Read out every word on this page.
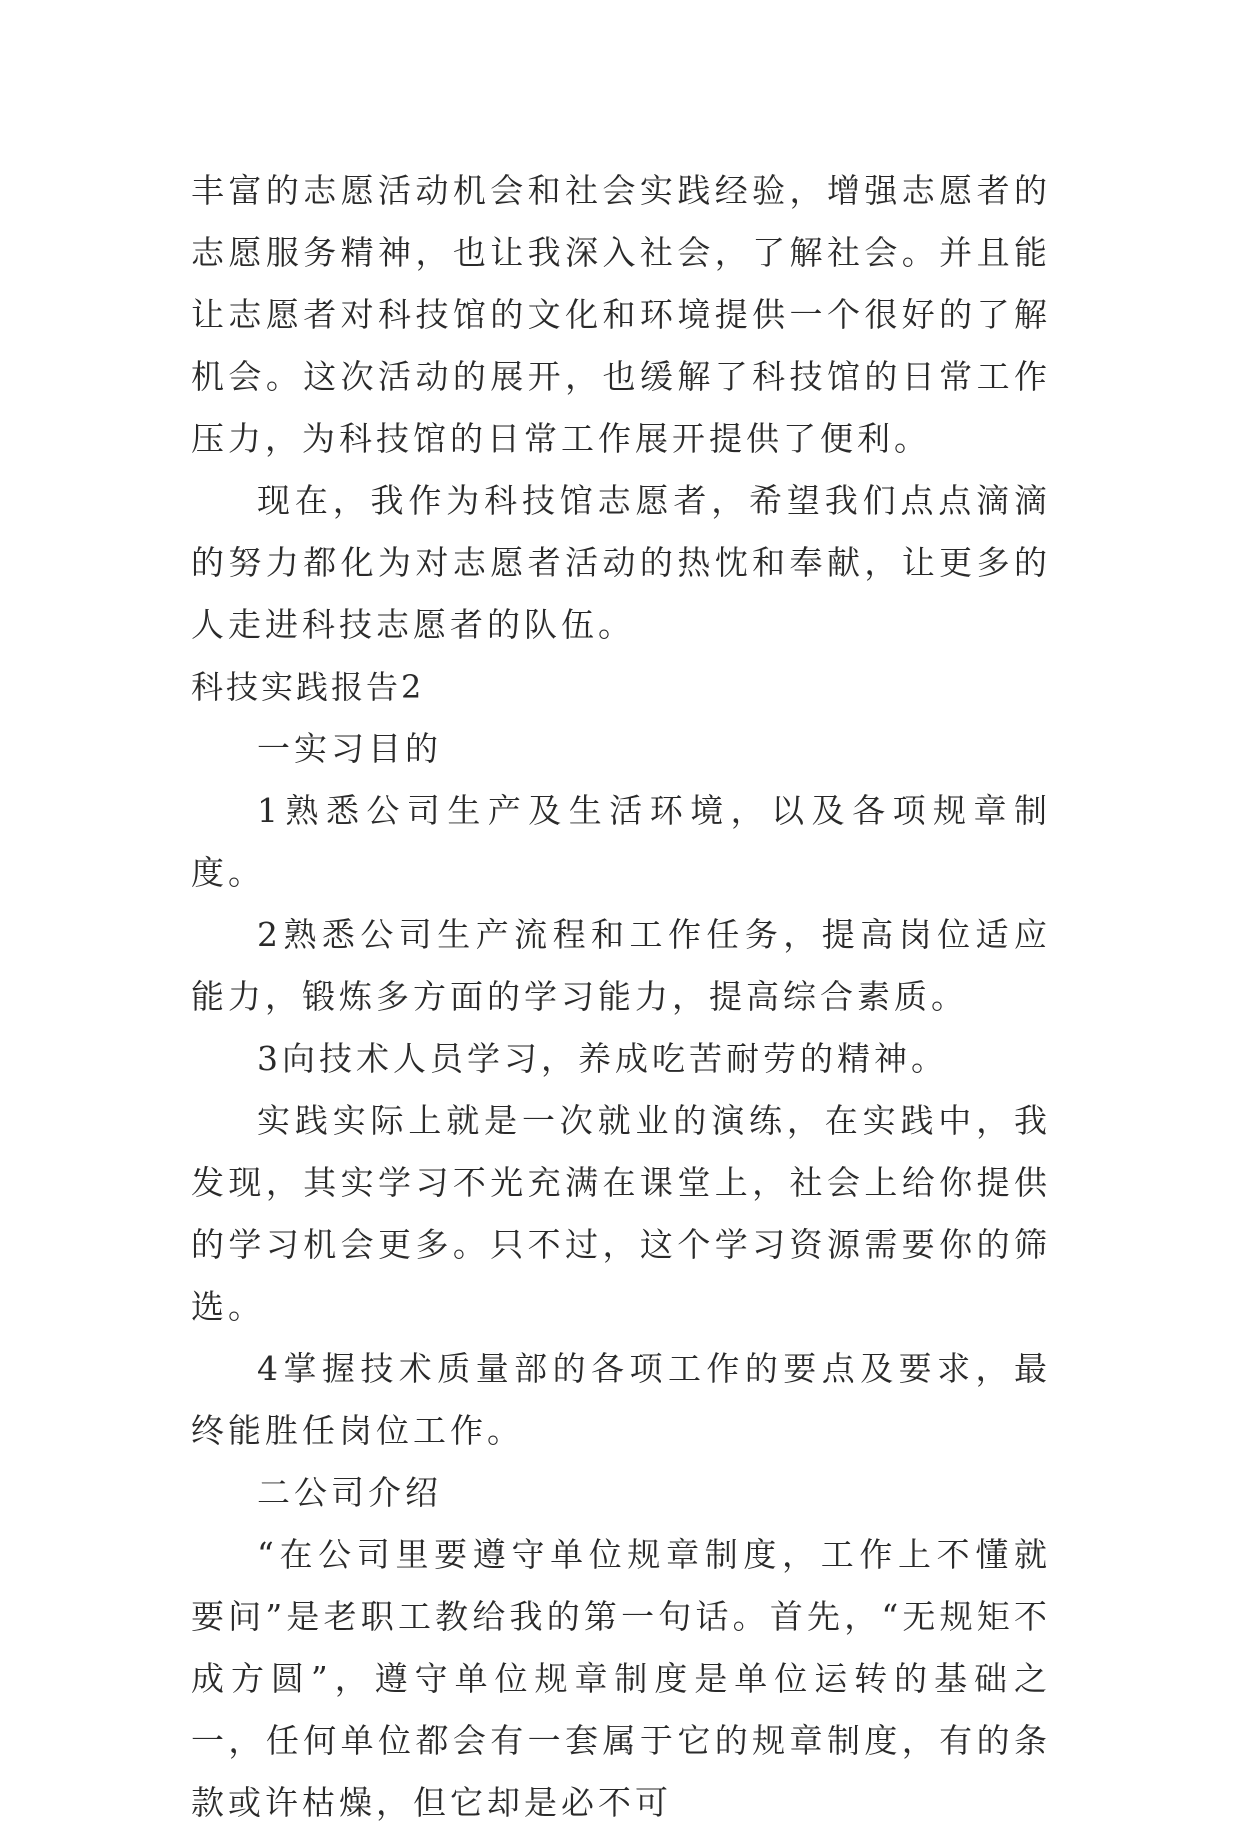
丰富的志愿活动机会和社会实践经验，增强志愿者的志愿服务精神，也让我深入社会，了解社会。并且能让志愿者对科技馆的文化和环境提供一个很好的了解机会。这次活动的展开，也缓解了科技馆的日常工作压力，为科技馆的日常工作展开提供了便利。

现在，我作为科技馆志愿者，希望我们点点滴滴的努力都化为对志愿者活动的热忱和奉献，让更多的人走进科技志愿者的队伍。

科技实践报告2

一实习目的

1熟悉公司生产及生活环境，以及各项规章制度。

2熟悉公司生产流程和工作任务，提高岗位适应能力，锻炼多方面的学习能力，提高综合素质。

3向技术人员学习，养成吃苦耐劳的精神。

实践实际上就是一次就业的演练，在实践中，我发现，其实学习不光充满在课堂上，社会上给你提供的学习机会更多。只不过，这个学习资源需要你的筛选。

4掌握技术质量部的各项工作的要点及要求，最终能胜任岗位工作。

二公司介绍

“在公司里要遵守单位规章制度，工作上不懂就要问”是老职工教给我的第一句话。首先，“无规矩不成方圆”，遵守单位规章制度是单位运转的基础之一，任何单位都会有一套属于它的规章制度，有的条款或许枯燥，但它却是必不可
